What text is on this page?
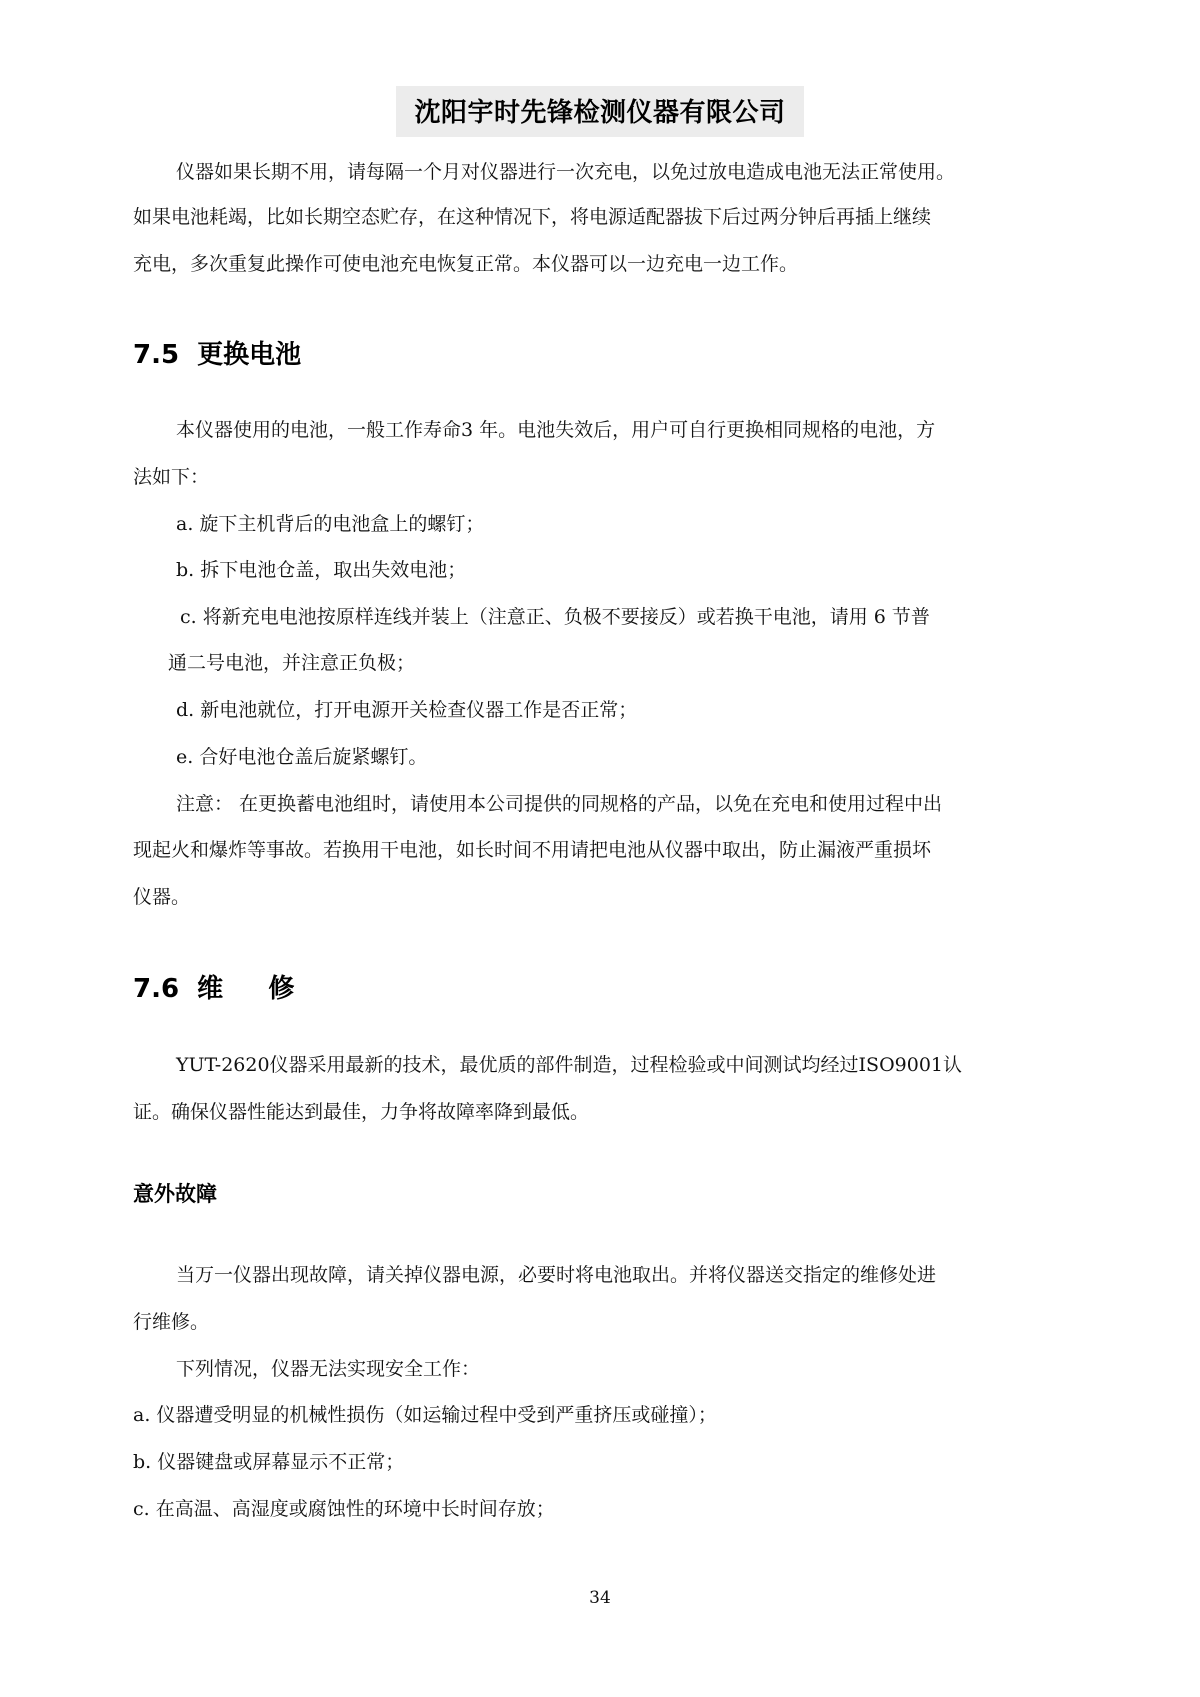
沈阳宇时先锋检测仪器有限公司
仪器如果长期不用，请每隔一个月对仪器进行一次充电，以免过放电造成电池无法正常使用。
如果电池耗竭，比如长期空态贮存，在这种情况下，将电源适配器拔下后过两分钟后再插上继续
充电，多次重复此操作可使电池充电恢复正常。本仪器可以一边充电一边工作。
7.5  更换电池
本仪器使用的电池，一般工作寿命3 年。电池失效后，用户可自行更换相同规格的电池，方
法如下：
a. 旋下主机背后的电池盒上的螺钉；
b. 拆下电池仓盖，取出失效电池；
c. 将新充电电池按原样连线并装上（注意正、负极不要接反）或若换干电池，请用 6 节普
通二号电池，并注意正负极；
d. 新电池就位，打开电源开关检查仪器工作是否正常；
e. 合好电池仓盖后旋紧螺钉。
注意： 在更换蓄电池组时，请使用本公司提供的同规格的产品，以免在充电和使用过程中出
现起火和爆炸等事故。若换用干电池，如长时间不用请把电池从仪器中取出，防止漏液严重损坏
仪器。
7.6  维     修
YUT-2620仪器采用最新的技术，最优质的部件制造，过程检验或中间测试均经过ISO9001认
证。确保仪器性能达到最佳，力争将故障率降到最低。
意外故障
当万一仪器出现故障，请关掉仪器电源，必要时将电池取出。并将仪器送交指定的维修处进
行维修。
下列情况，仪器无法实现安全工作：
a. 仪器遭受明显的机械性损伤（如运输过程中受到严重挤压或碰撞）；
b. 仪器键盘或屏幕显示不正常；
c. 在高温、高湿度或腐蚀性的环境中长时间存放；
34
